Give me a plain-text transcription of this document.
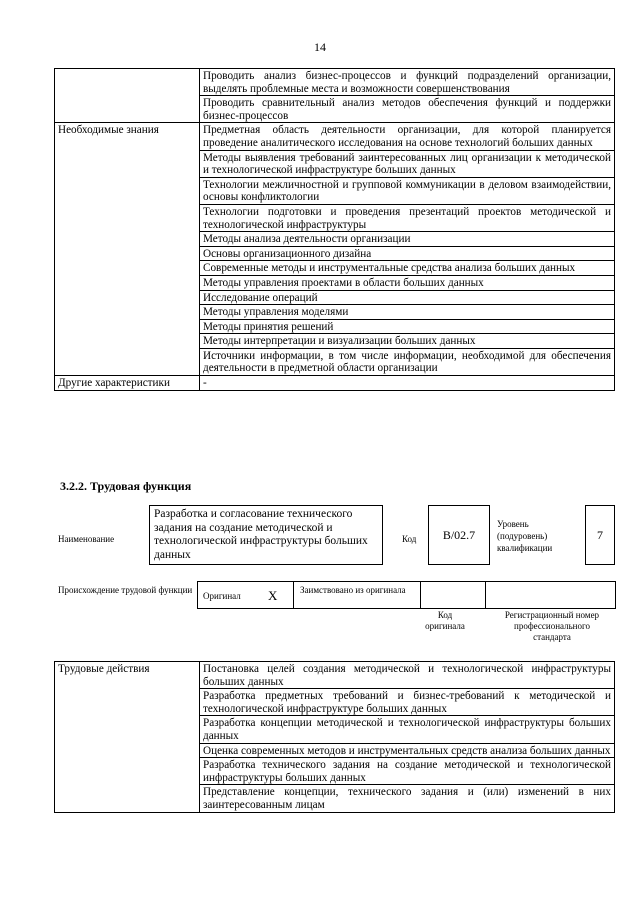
14
	Проводить анализ бизнес-процессов и функций подразделений организации, выделять проблемные места и возможности совершенствования
	Проводить сравнительный анализ методов обеспечения функций и поддержки бизнес-процессов
Необходимые знания	Предметная область деятельности организации, для которой планируется проведение аналитического исследования на основе технологий больших данных
	Методы выявления требований заинтересованных лиц организации к методической и технологической инфраструктуре больших данных
	Технологии межличностной и групповой коммуникации в деловом взаимодействии, основы конфликтологии
	Технологии подготовки и проведения презентаций проектов методической и технологической инфраструктуры
	Методы анализа деятельности организации
	Основы организационного дизайна
	Современные методы и инструментальные средства анализа больших данных
	Методы управления проектами в области больших данных
	Исследование операций
	Методы управления моделями
	Методы принятия решений
	Методы интерпретации и визуализации больших данных
	Источники информации, в том числе информации, необходимой для обеспечения деятельности в предметной области организации
Другие характеристики	-
3.2.2. Трудовая функция
Наименование
Разработка и согласование технического задания на создание методической и технологической инфраструктуры больших данных
Код	В/02.7
Уровень
(подуровень)
квалификации
7
Происхождение трудовой функции
Оригинал X	Заимствовано из оригинала
Код
оригинала
Регистрационный номер
профессионального
стандарта
Трудовые действия	Постановка целей создания методической и технологической инфраструктуры больших данных
Разработка предметных требований и бизнес-требований к методической и технологической инфраструктуре больших данных
Разработка концепции методической и технологической инфраструктуры больших данных
Оценка современных методов и инструментальных средств анализа больших данных
Разработка технического задания на создание методической и технологической инфраструктуры больших данных
Представление концепции, технического задания и (или) изменений в них заинтересованным лицам
